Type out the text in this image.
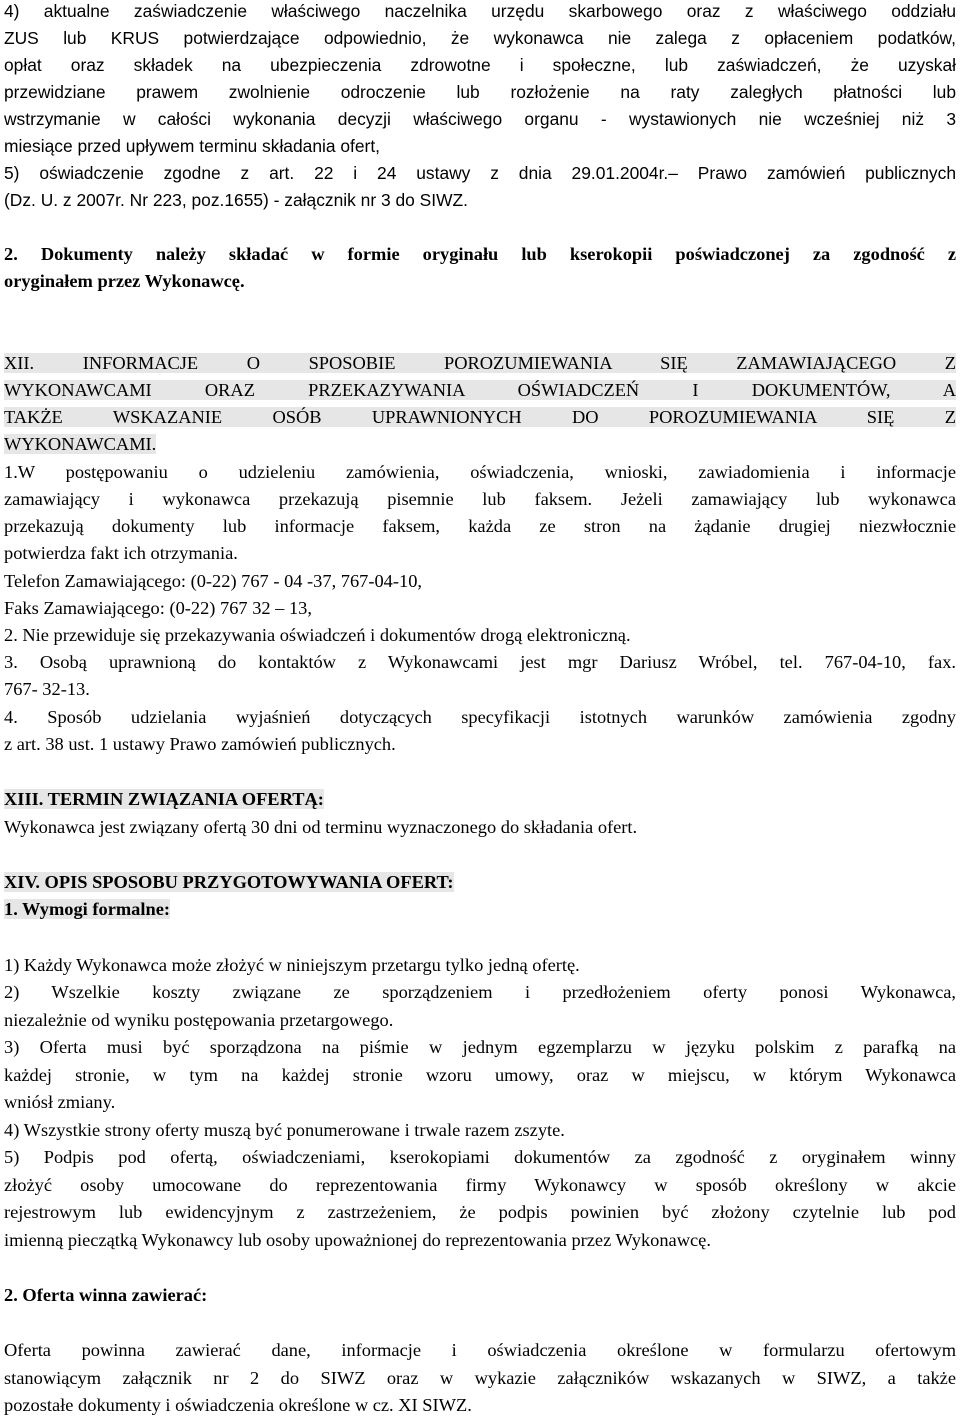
4) aktualne zaświadczenie właściwego naczelnika urzędu skarbowego oraz z właściwego oddziału
ZUS lub KRUS potwierdzające odpowiednio, że wykonawca nie zalega z opłaceniem podatków,
opłat oraz składek na ubezpieczenia zdrowotne i społeczne, lub zaświadczeń, że uzyskał
przewidziane prawem zwolnienie odroczenie lub rozłożenie na raty zaległych płatności lub
wstrzymanie w całości wykonania decyzji właściwego organu - wystawionych nie wcześniej niż 3
miesiące przed upływem terminu składania ofert,
5) oświadczenie zgodne z art. 22 i 24 ustawy z dnia 29.01.2004r.– Prawo zamówień publicznych
(Dz. U. z 2007r. Nr 223, poz.1655) - załącznik nr 3 do SIWZ.
2. Dokumenty należy składać w formie oryginału lub kserokopii poświadczonej za zgodność z
oryginałem przez Wykonawcę.
XII. INFORMACJE O SPOSOBIE POROZUMIEWANIA SIĘ ZAMAWIAJĄCEGO Z
WYKONAWCAMI ORAZ PRZEKAZYWANIA OŚWIADCZEŃ I DOKUMENTÓW, A
TAKŻE WSKAZANIE OSÓB UPRAWNIONYCH DO POROZUMIEWANIA SIĘ Z
WYKONAWCAMI.
1.W postępowaniu o udzieleniu zamówienia, oświadczenia, wnioski, zawiadomienia i informacje
zamawiający i wykonawca przekazują pisemnie lub faksem. Jeżeli zamawiający lub wykonawca
przekazują dokumenty lub informacje faksem, każda ze stron na żądanie drugiej niezwłocznie
potwierdza fakt ich otrzymania.
Telefon Zamawiającego: (0-22) 767 - 04 -37, 767-04-10,
Faks Zamawiającego: (0-22) 767 32 – 13,
2. Nie przewiduje się przekazywania oświadczeń i dokumentów drogą elektroniczną.
3. Osobą uprawnioną do kontaktów z Wykonawcami jest mgr Dariusz Wróbel, tel. 767-04-10, fax.
767- 32-13.
4. Sposób udzielania wyjaśnień dotyczących specyfikacji istotnych warunków zamówienia zgodny
z art. 38 ust. 1 ustawy Prawo zamówień publicznych.
XIII. TERMIN ZWIĄZANIA OFERTĄ:
Wykonawca jest związany ofertą 30 dni od terminu wyznaczonego do składania ofert.
XIV. OPIS SPOSOBU PRZYGOTOWYWANIA OFERT:
1. Wymogi formalne:
1) Każdy Wykonawca może złożyć w niniejszym przetargu tylko jedną ofertę.
2) Wszelkie koszty związane ze sporządzeniem i przedłożeniem oferty ponosi Wykonawca,
niezależnie od wyniku postępowania przetargowego.
3) Oferta musi być sporządzona na piśmie w jednym egzemplarzu w języku polskim z parafką na
każdej stronie, w tym na każdej stronie wzoru umowy, oraz w miejscu, w którym Wykonawca
wniósł zmiany.
4) Wszystkie strony oferty muszą być ponumerowane i trwale razem zszyte.
5) Podpis pod ofertą, oświadczeniami, kserokopiami dokumentów za zgodność z oryginałem winny
złożyć osoby umocowane do reprezentowania firmy Wykonawcy w sposób określony w akcie
rejestrowym lub ewidencyjnym z zastrzeżeniem, że podpis powinien być złożony czytelnie lub pod
imienną pieczątką Wykonawcy lub osoby upoważnionej do reprezentowania przez Wykonawcę.
2. Oferta winna zawierać:
Oferta powinna zawierać dane, informacje i oświadczenia określone w formularzu ofertowym
stanowiącym załącznik nr 2 do SIWZ oraz w wykazie załączników wskazanych w SIWZ, a także
pozostałe dokumenty i oświadczenia określone w cz. XI SIWZ.
